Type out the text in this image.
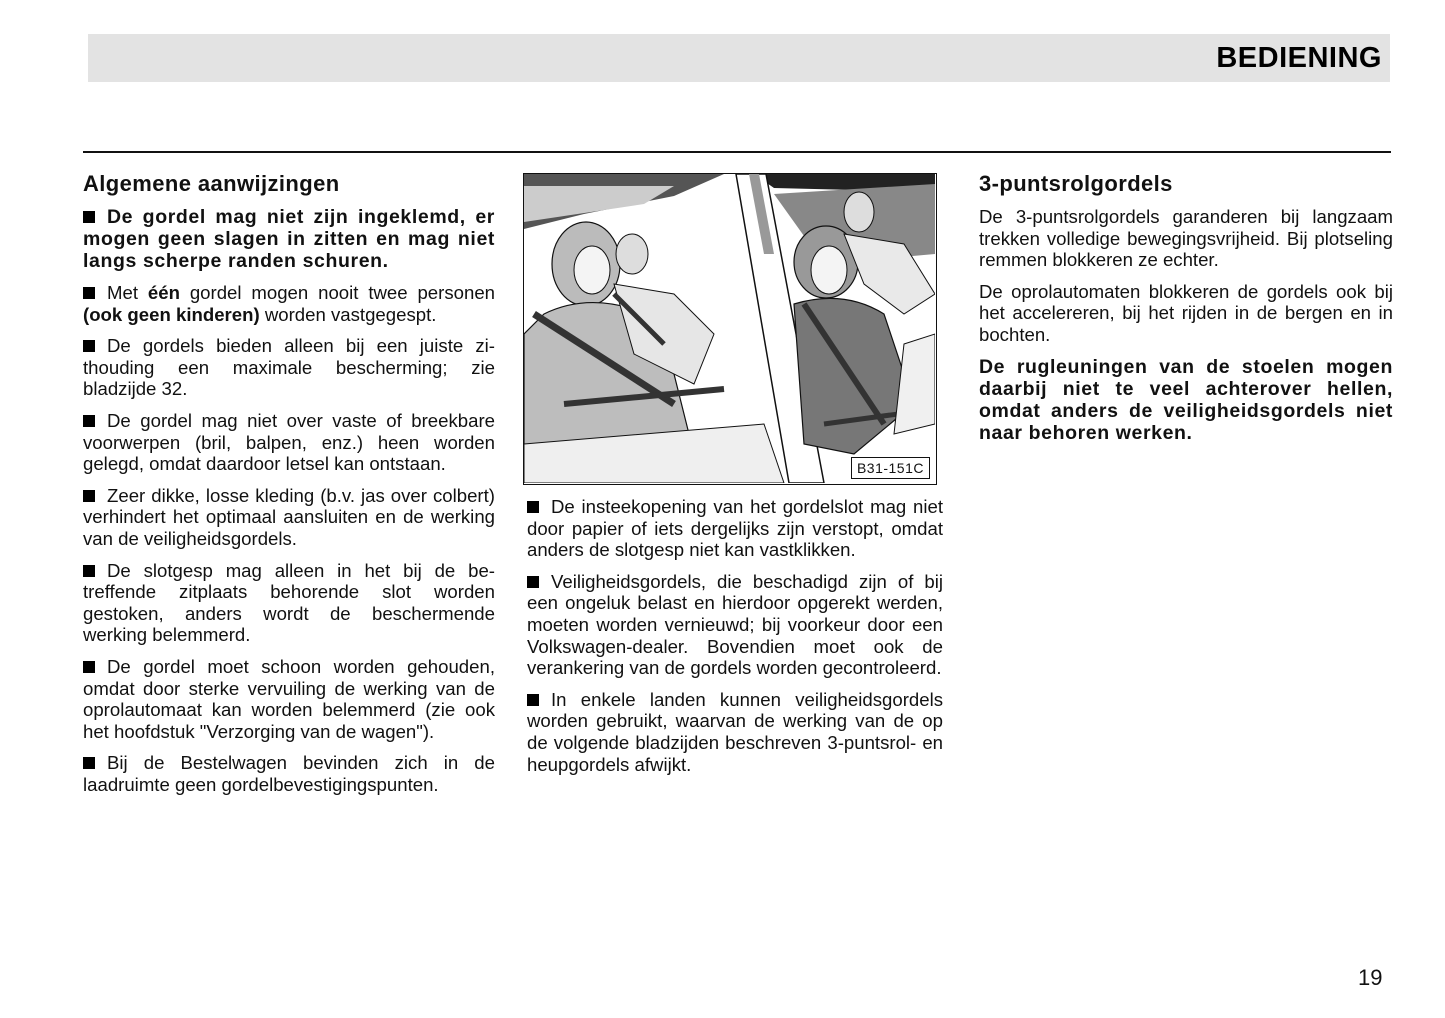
BEDIENING
Algemene aanwijzingen

De gordel mag niet zijn ingeklemd, er mogen geen slagen in zitten en mag niet langs scherpe randen schuren.

Met één gordel mogen nooit twee personen (ook geen kinderen) worden vastgegespt.

De gordels bieden alleen bij een juiste zithouding een maximale bescherming; zie bladzijde 32.

De gordel mag niet over vaste of breekbare voorwerpen (bril, balpen, enz.) heen worden gelegd, omdat daardoor letsel kan ontstaan.

Zeer dikke, losse kleding (b.v. jas over colbert) verhindert het optimaal aansluiten en de werking van de veiligheidsgordels.

De slotgesp mag alleen in het bij de betreffende zitplaats behorende slot worden gestoken, anders wordt de beschermende werking belemmerd.

De gordel moet schoon worden gehouden, omdat door sterke vervuiling de werking van de oprolautomaat kan worden belemmerd (zie ook het hoofdstuk "Verzorging van de wagen").

Bij de Bestelwagen bevinden zich in de laadruimte geen gordelbevestigingspunten.

B31-151C

De insteekopening van het gordelslot mag niet door papier of iets dergelijks zijn verstopt, omdat anders de slotgesp niet kan vastklikken.

Veiligheidsgordels, die beschadigd zijn of bij een ongeluk belast en hierdoor opgerekt werden, moeten worden vernieuwd; bij voorkeur door een Volkswagen-dealer. Bovendien moet ook de verankering van de gordels worden gecontroleerd.

In enkele landen kunnen veiligheidsgordels worden gebruikt, waarvan de werking van de op de volgende bladzijden beschreven 3-puntsrol- en heupgordels afwijkt.

3-puntsrolgordels

De 3-puntsrolgordels garanderen bij langzaam trekken volledige bewegingsvrijheid. Bij plotseling remmen blokkeren ze echter.

De oprolautomaten blokkeren de gordels ook bij het accelereren, bij het rijden in de bergen en in bochten.

De rugleuningen van de stoelen mogen daarbij niet te veel achterover hellen, omdat anders de veiligheidsgordels niet naar behoren werken.

19
